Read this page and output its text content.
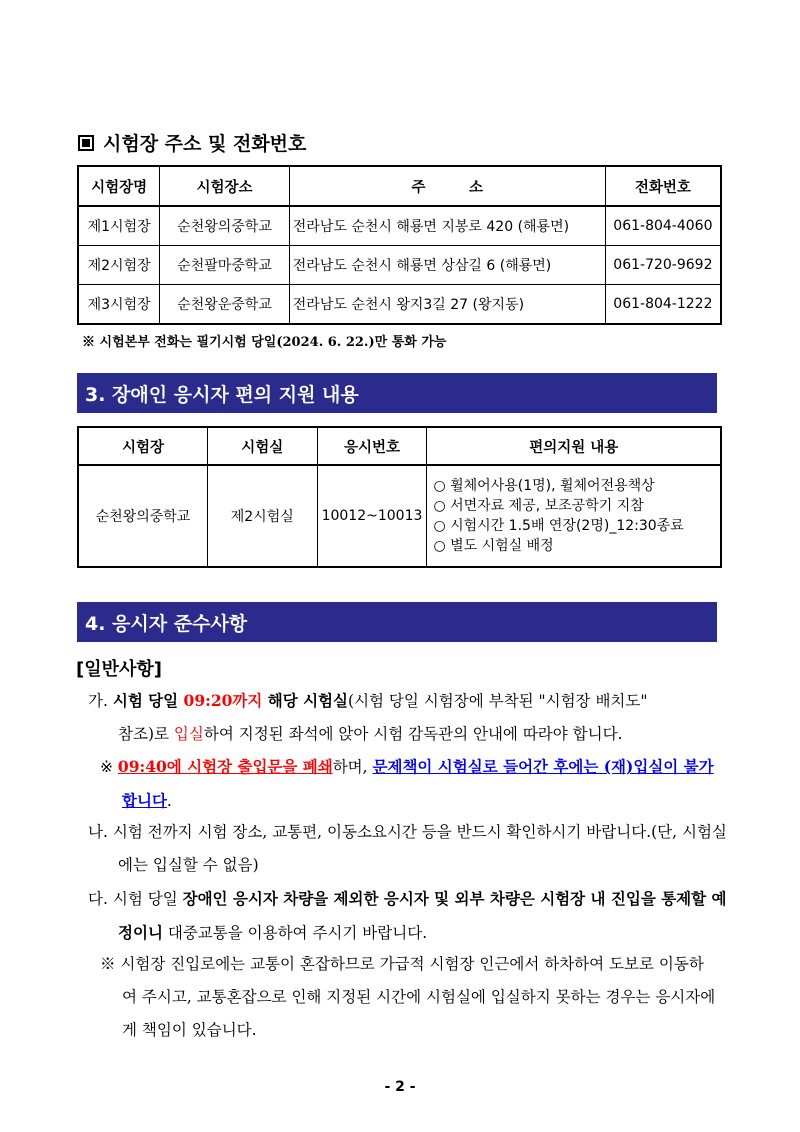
시험장 주소 및 전화번호
시험장명	시험장소	주　　　소	전화번호
제1시험장	순천왕의중학교	전라남도 순천시 해룡면 지봉로 420 (해룡면)	061-804-4060
제2시험장	순천팔마중학교	전라남도 순천시 해룡면 상삼길 6 (해룡면)	061-720-9692
제3시험장	순천왕운중학교	전라남도 순천시 왕지3길 27 (왕지동)	061-804-1222
※ 시험본부 전화는 필기시험 당일(2024. 6. 22.)만 통화 가능
3. 장애인 응시자 편의 지원 내용
시험장	시험실	응시번호	편의지원 내용
순천왕의중학교	제2시험실	10012~10013	○ 휠체어사용(1명), 휠체어전용책상
○ 서면자료 제공, 보조공학기 지참
○ 시험시간 1.5배 연장(2명)_12:30종료
○ 별도 시험실 배정
4. 응시자 준수사항
[일반사항]
가. 시험 당일 09:20까지 해당 시험실(시험 당일 시험장에 부착된 "시험장 배치도"
참조)로 입실하여 지정된 좌석에 앉아 시험 감독관의 안내에 따라야 합니다.
※ 09:40에 시험장 출입문을 폐쇄하며, 문제책이 시험실로 들어간 후에는 (재)입실이 불가합니다.
나. 시험 전까지 시험 장소, 교통편, 이동소요시간 등을 반드시 확인하시기 바랍니다.(단, 시험실에는 입실할 수 없음)
다. 시험 당일 장애인 응시자 차량을 제외한 응시자 및 외부 차량은 시험장 내 진입을 통제할 예정이니 대중교통을 이용하여 주시기 바랍니다.
※ 시험장 진입로에는 교통이 혼잡하므로 가급적 시험장 인근에서 하차하여 도보로 이동하여 주시고, 교통혼잡으로 인해 지정된 시간에 시험실에 입실하지 못하는 경우는 응시자에게 책임이 있습니다.
- 2 -
